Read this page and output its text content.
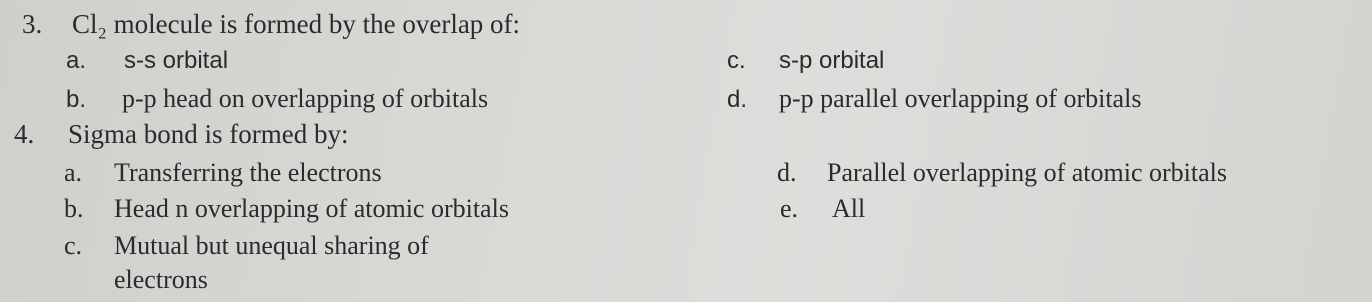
3. Cl₂ molecule is formed by the overlap of:
a. s-s orbital	c. s-p orbital
b. p-p head on overlapping of orbitals	d. p-p parallel overlapping of orbitals
4. Sigma bond is formed by:
a. Transferring the electrons	d. Parallel overlapping of atomic orbitals
b. Head n overlapping of atomic orbitals	e. All
c. Mutual but unequal sharing of
electrons
